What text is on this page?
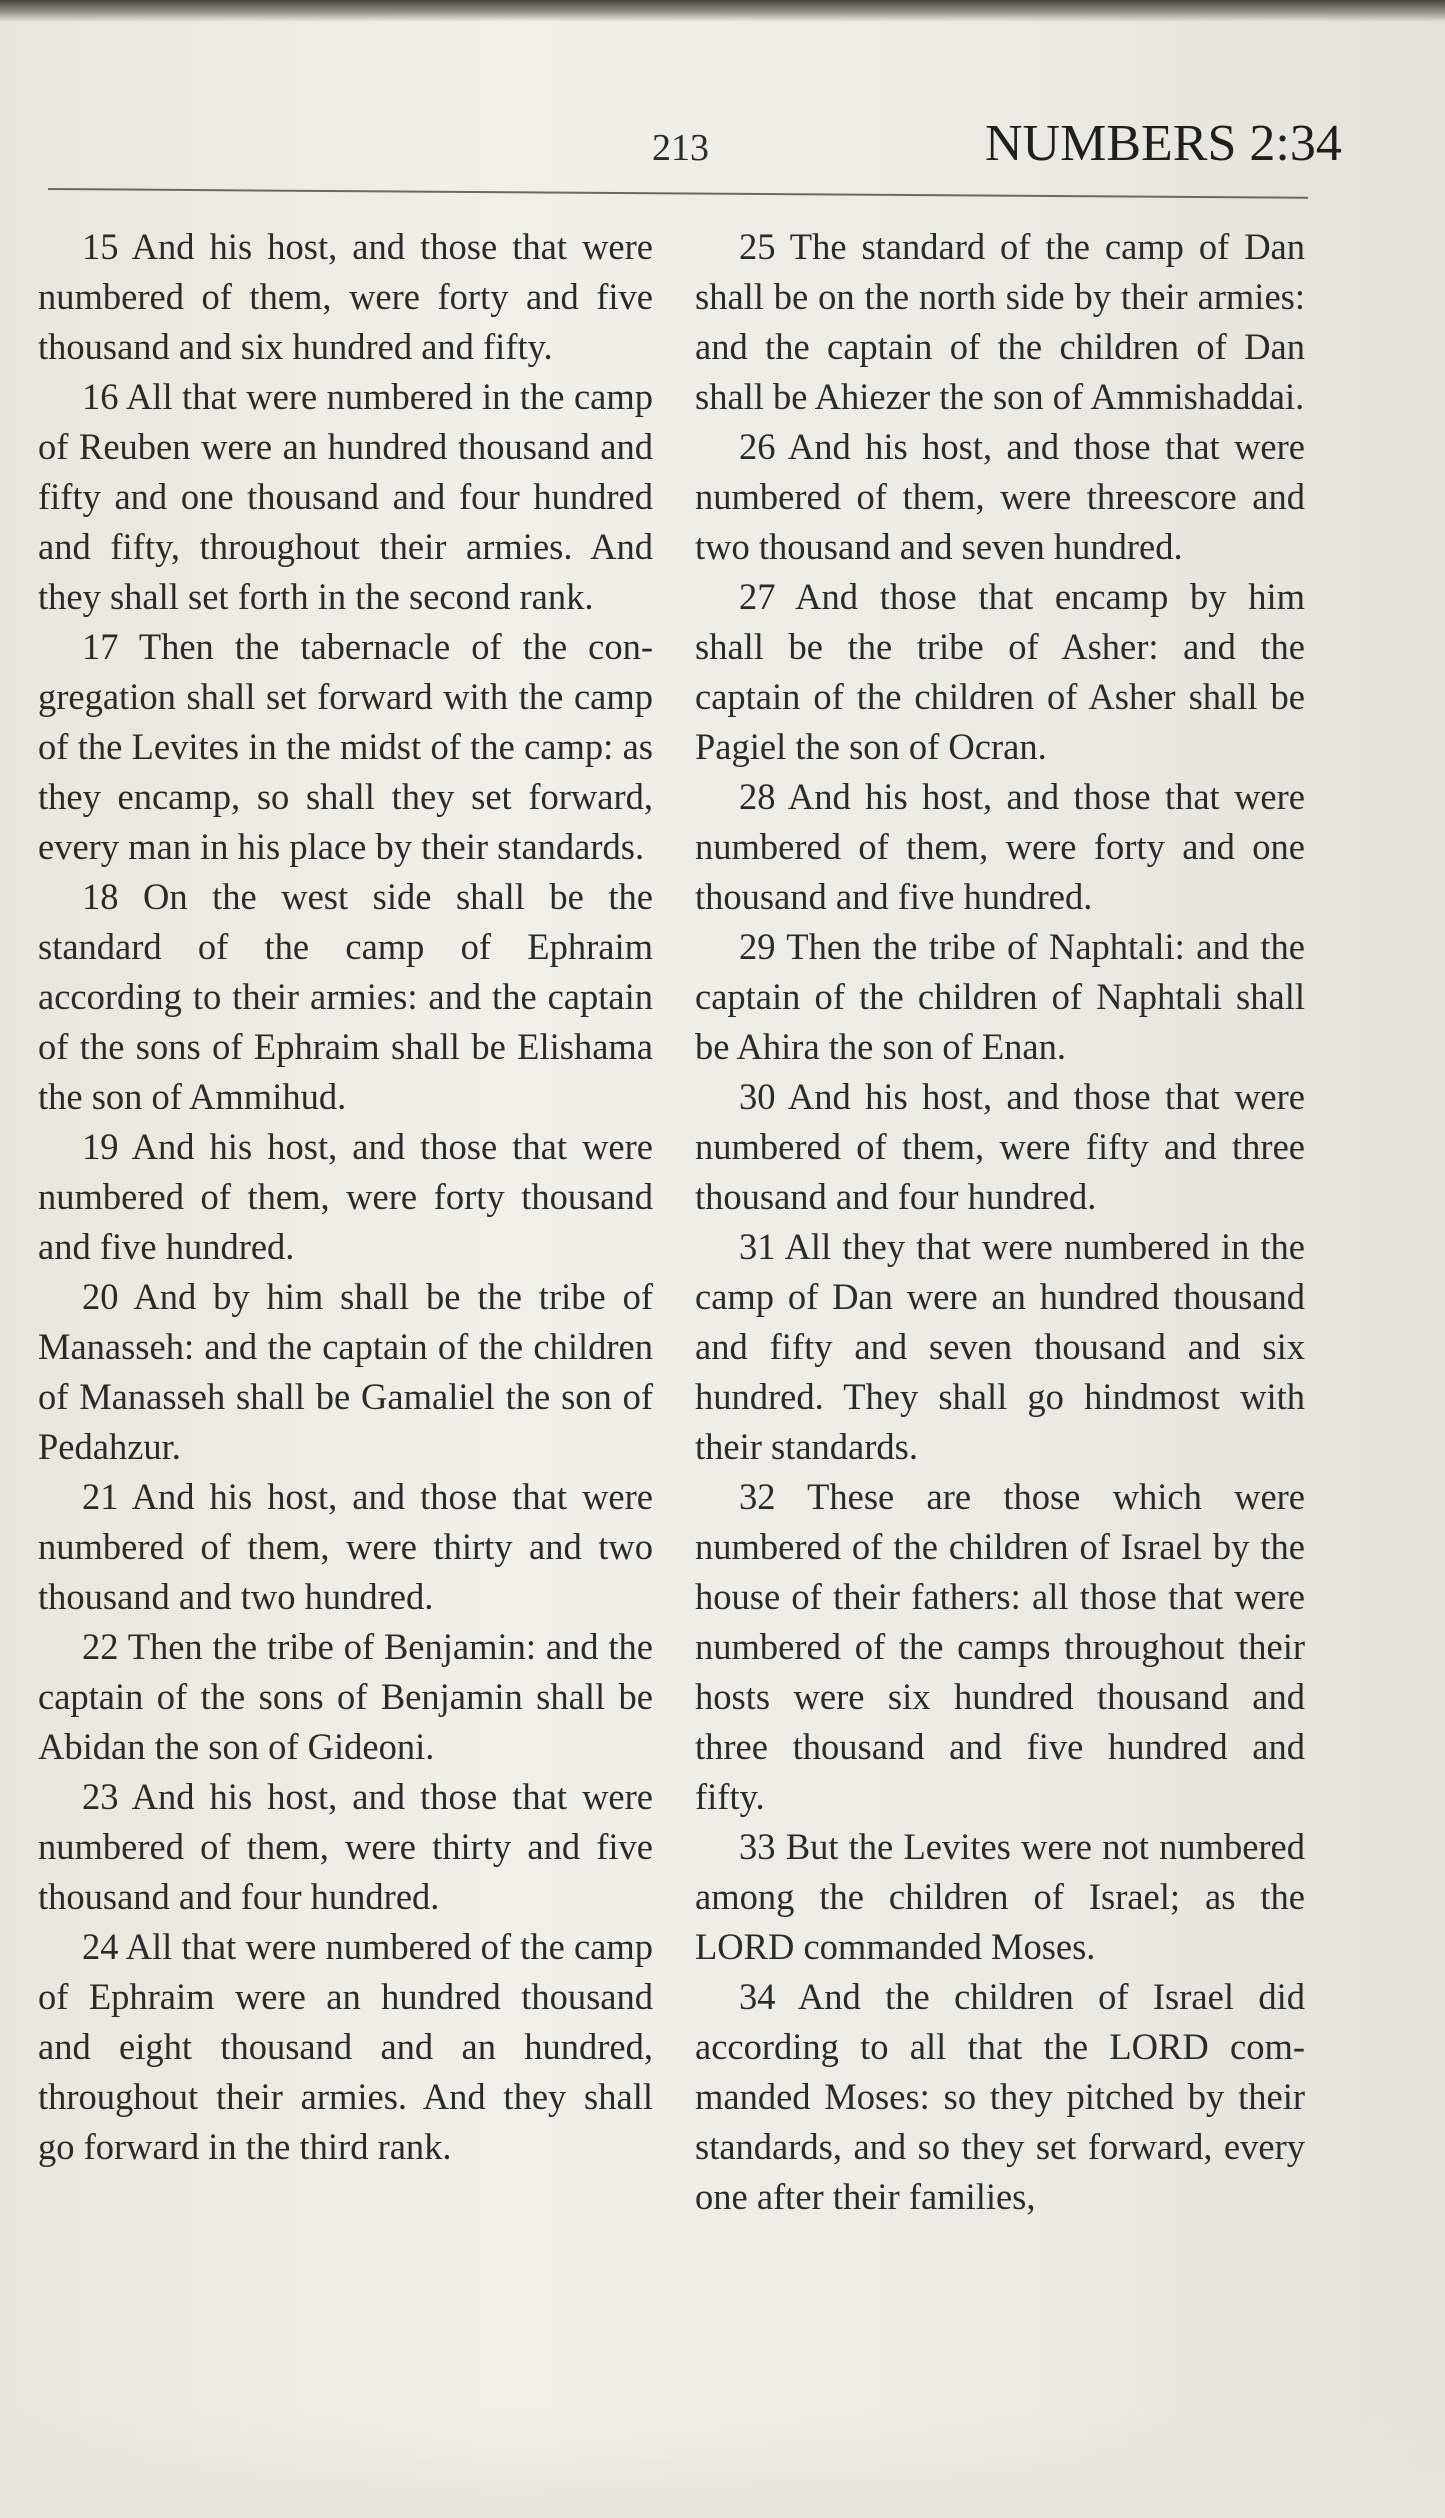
213	NUMBERS 2:34

15 And his host, and those that were numbered of them, were forty and five thousand and six hundred and fifty.

16 All that were numbered in the camp of Reuben were an hundred thousand and fifty and one thousand and four hundred and fifty, throughout their armies. And they shall set forth in the second rank.

17 Then the tabernacle of the congregation shall set forward with the camp of the Levites in the midst of the camp: as they encamp, so shall they set forward, every man in his place by their standards.

18 On the west side shall be the standard of the camp of Ephraim according to their armies: and the captain of the sons of Ephraim shall be Elishama the son of Ammihud.

19 And his host, and those that were numbered of them, were forty thousand and five hundred.

20 And by him shall be the tribe of Manasseh: and the captain of the children of Manasseh shall be Gamaliel the son of Pedahzur.

21 And his host, and those that were numbered of them, were thirty and two thousand and two hundred.

22 Then the tribe of Benjamin: and the captain of the sons of Benjamin shall be Abidan the son of Gideoni.

23 And his host, and those that were numbered of them, were thirty and five thousand and four hundred.

24 All that were numbered of the camp of Ephraim were an hundred thousand and eight thousand and an hundred, throughout their armies. And they shall go forward in the third rank.

25 The standard of the camp of Dan shall be on the north side by their armies: and the captain of the children of Dan shall be Ahiezer the son of Ammishaddai.

26 And his host, and those that were numbered of them, were threescore and two thousand and seven hundred.

27 And those that encamp by him shall be the tribe of Asher: and the captain of the children of Asher shall be Pagiel the son of Ocran.

28 And his host, and those that were numbered of them, were forty and one thousand and five hundred.

29 Then the tribe of Naphtali: and the captain of the children of Naphtali shall be Ahira the son of Enan.

30 And his host, and those that were numbered of them, were fifty and three thousand and four hundred.

31 All they that were numbered in the camp of Dan were an hundred thousand and fifty and seven thousand and six hundred. They shall go hindmost with their standards.

32 These are those which were numbered of the children of Israel by the house of their fathers: all those that were numbered of the camps throughout their hosts were six hundred thousand and three thousand and five hundred and fifty.

33 But the Levites were not numbered among the children of Israel; as the LORD commanded Moses.

34 And the children of Israel did according to all that the LORD commanded Moses: so they pitched by their standards, and so they set forward, every one after their families,
